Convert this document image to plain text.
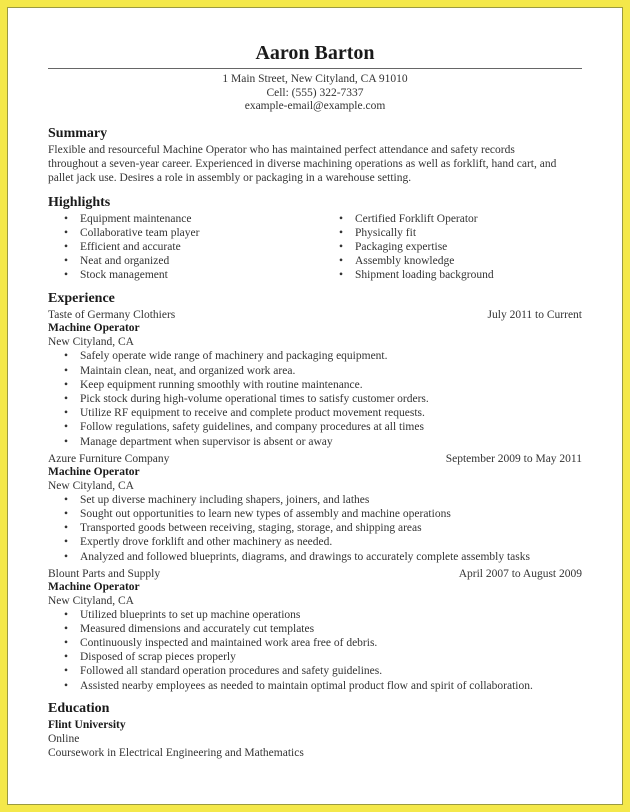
Aaron Barton
1 Main Street, New Cityland, CA 91010
Cell: (555) 322-7337
example-email@example.com
Summary
Flexible and resourceful Machine Operator who has maintained perfect attendance and safety records
throughout a seven-year career. Experienced in diverse machining operations as well as forklift, hand cart, and
pallet jack use. Desires a role in assembly or packaging in a warehouse setting.
Highlights
• Equipment maintenance
• Collaborative team player
• Efficient and accurate
• Neat and organized
• Stock management
• Certified Forklift Operator
• Physically fit
• Packaging expertise
• Assembly knowledge
• Shipment loading background
Experience
Taste of Germany Clothiers	July 2011 to Current
Machine Operator
New Cityland, CA
• Safely operate wide range of machinery and packaging equipment.
• Maintain clean, neat, and organized work area.
• Keep equipment running smoothly with routine maintenance.
• Pick stock during high-volume operational times to satisfy customer orders.
• Utilize RF equipment to receive and complete product movement requests.
• Follow regulations, safety guidelines, and company procedures at all times
• Manage department when supervisor is absent or away
Azure Furniture Company	September 2009 to May 2011
Machine Operator
New Cityland, CA
• Set up diverse machinery including shapers, joiners, and lathes
• Sought out opportunities to learn new types of assembly and machine operations
• Transported goods between receiving, staging, storage, and shipping areas
• Expertly drove forklift and other machinery as needed.
• Analyzed and followed blueprints, diagrams, and drawings to accurately complete assembly tasks
Blount Parts and Supply	April 2007 to August 2009
Machine Operator
New Cityland, CA
• Utilized blueprints to set up machine operations
• Measured dimensions and accurately cut templates
• Continuously inspected and maintained work area free of debris.
• Disposed of scrap pieces properly
• Followed all standard operation procedures and safety guidelines.
• Assisted nearby employees as needed to maintain optimal product flow and spirit of collaboration.
Education
Flint University
Online
Coursework in Electrical Engineering and Mathematics
